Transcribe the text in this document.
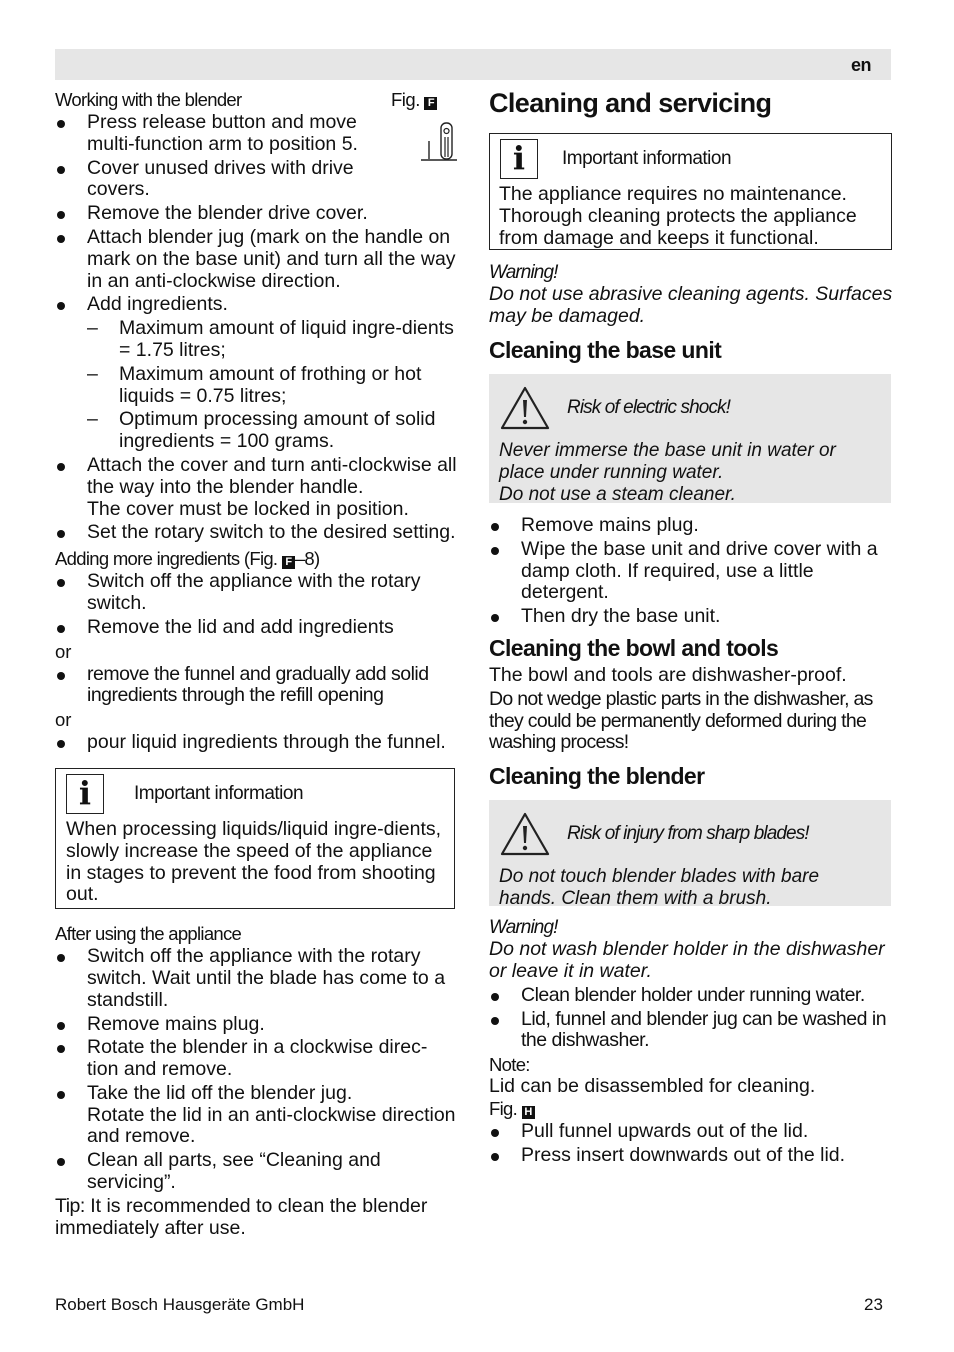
en

Working with the blender	Fig. F
Press release button and move multi-function arm to position 5.
Cover unused drives with drive covers.
Remove the blender drive cover.
Attach blender jug (mark on the handle on mark on the base unit) and turn all the way in an anti-clockwise direction.
Add ingredients.
– Maximum amount of liquid ingre-dients = 1.75 litres;
– Maximum amount of frothing or hot liquids = 0.75 litres;
– Optimum processing amount of solid ingredients = 100 grams.
Attach the cover and turn anti-clockwise all the way into the blender handle.
The cover must be locked in position.
Set the rotary switch to the desired setting.

Adding more ingredients (Fig. F –8)

Switch off the appliance with the rotary switch.
Remove the lid and add ingredients

or

remove the funnel and gradually add solid ingredients through the refill opening

or

pour liquid ingredients through the funnel.
i	Important information
When processing liquids/liquid ingre-dients, slowly increase the speed of the appliance in stages to prevent the food from shooting out.

After using the appliance

Switch off the appliance with the rotary switch. Wait until the blade has come to a standstill.
Remove mains plug.
Rotate the blender in a clockwise direc-tion and remove.
Take the lid off the blender jug.
Rotate the lid in an anti-clockwise direction and remove.
Clean all parts, see “Cleaning and servicing”.
Tip: It is recommended to clean the blender immediately after use.
Cleaning and servicing
i	Important information
The appliance requires no maintenance. Thorough cleaning protects the appliance from damage and keeps it functional.
Warning!
Do not use abrasive cleaning agents. Surfaces may be damaged.
Cleaning the base unit
Risk of electric shock!
Never immerse the base unit in water or place under running water.
Do not use a steam cleaner.
Remove mains plug.
Wipe the base unit and drive cover with a damp cloth. If required, use a little detergent.
Then dry the base unit.
Cleaning the bowl and tools
The bowl and tools are dishwasher-proof.
Do not wedge plastic parts in the dishwasher, as they could be permanently deformed during the washing process!
Cleaning the blender
Risk of injury from sharp blades!
Do not touch blender blades with bare hands. Clean them with a brush.
Warning!
Do not wash blender holder in the dishwasher or leave it in water.
Clean blender holder under running water.
Lid, funnel and blender jug can be washed in the dishwasher.
Note:
Lid can be disassembled for cleaning.
Fig. H
Pull funnel upwards out of the lid.
Press insert downwards out of the lid.
Robert Bosch Hausgeräte GmbH	23
